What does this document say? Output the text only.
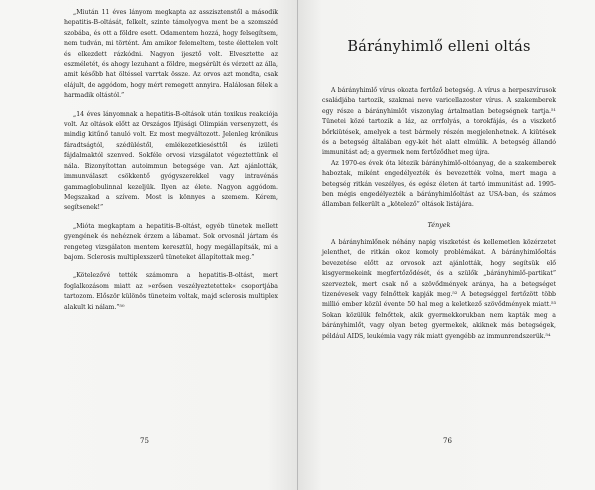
„Miután 11 éves lányom megkapta az asszisztenstől a második hepatitis-B-oltását, felkelt, szinte támolyogva ment be a szomszéd szobába, és ott a földre esett. Odamentem hozzá, hogy felsegítsem, nem tudván, mi történt. Ám amikor felemeltem, teste élettelen volt és elkezdett rázkódni. Nagyon ijesztő volt. Elvesztette az eszméletét, és ahogy lezuhant a földre, megsérült és vérzett az álla, amit később hat öltéssel varrtak össze. Az orvos azt mondta, csak elájult, de aggódom, hogy mért remegett annyira. Halálosan félek a harmadik oltástól.”

„14 éves lányomnak a hepatitis-B-oltások után toxikus reakciója volt. Az oltások előtt az Országos Ifjúsági Olimpián versenyzett, és mindig kitűnő tanuló volt. Ez most megváltozott. Jelenleg krónikus fáradtságtól, szédüléstől, emlékezetkiesésttől és izületi fájdalmaktól szenved. Sokféle orvosi vizsgálatot végeztettünk el nála. Bizonyítottan autoimmun betegsége van. Azt ajánlották, immunválaszt csökkentő gyógyszerekkel vagy intravénás gammaglobulinnal kezeljük. Ilyen az élete. Nagyon aggódom. Megszakad a szívem. Most is könnyes a szemem. Kérem, segítsenek!”

„Mióta megkaptam a hepatitis-B-oltást, egyéb tünetek mellett gyengének és nehéznek érzem a lábamat. Sok orvosnál jártam és rengeteg vizsgálaton mentem keresztül, hogy megállapítsák, mi a bajom. Sclerosis multiplexszerű tüneteket állapítottak meg.”

„Kötelezővé tették számomra a hepatitis-B-oltást, mert foglalkozásom miatt az »erősen veszélyeztetettek« csoportjába tartozom. Először különös tüneteim voltak, majd sclerosis multiplex alakult ki nálam.”⁵⁰

75
Bárányhimlő elleni oltás

A bárányhimlő vírus okozta fertőző betegség. A vírus a herpeszvírusok családjába tartozik, szakmai neve varicellazoster vírus. A szakemberek egy része a bárányhimlőt viszonylag ártalmatlan betegségnek tartja.⁵¹ Tünetei közé tartozik a láz, az orrfolyás, a torokfájás, és a viszkető bőrkiütések, amelyek a test bármely részén megjelenhetnek. A kiütések és a betegség általában egy-két hét alatt elmúlik. A betegség állandó immunitást ad; a gyermek nem fertőződhet meg újra.

Az 1970-es évek óta létezik bárányhimlő-oltóanyag, de a szakemberek haboztak, miként engedélyezték és bevezették volna, mert maga a betegség ritkán veszélyes, és egész életen át tartó immunitást ad. 1995-ben mégis engedélyezték a bárányhimlőoltást az USA-ban, és számos államban felkerült a „kötelező” oltások listájára.

Tények

A bárányhimlőnek néhány napig viszketést és kellemetlen közérzetet jelenthet, de ritkán okoz komoly problémákat. A bárányhimlőoltás bevezetése előtt az orvosok azt ajánlották, hogy segítsük elő kisgyermekeink megfertőződését, és a szülők „bárányhimlő-partikat” szerveztek, mert csak nő a szövődmények aránya, ha a betegséget tizenévesek vagy felnőttek kapják meg.⁵² A betegséggel fertőzött több millió ember közül évente 50 hal meg a keletkező szövődmények miatt.⁵³ Sokan közülük felnőttek, akik gyermekkorukban nem kapták meg a bárányhimlőt, vagy olyan beteg gyermekek, akiknek más betegségek, például AIDS, leukémia vagy rák miatt gyengébb az immunrendszerük.⁵⁴

76
